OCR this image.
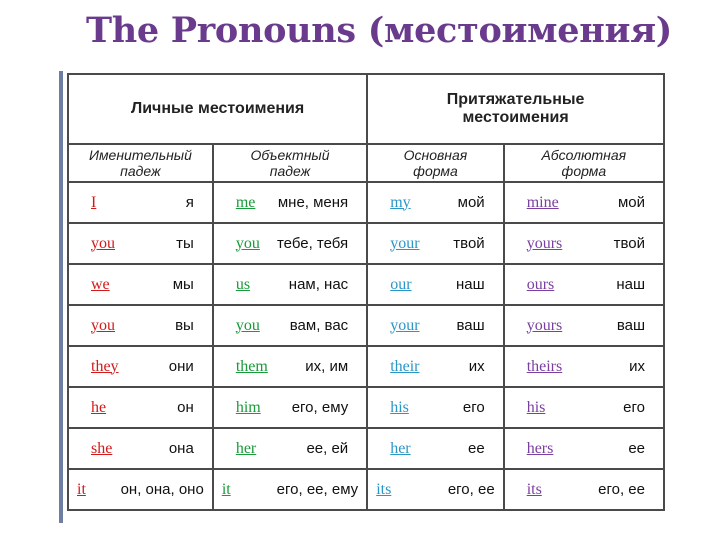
The Pronouns (местоимения)
Личные местоимения		Притяжательные местоимения	

Именительный падеж	Объектный падеж	Основная форма	Абсолютная форма

I я	me мне, меня	my мой	mine мой

you ты	you тебе, тебя	your твой	yours твой

we мы	us нам, нас	our наш	ours наш

you вы	you вам, вас	your ваш	yours ваш

they они	them их, им	their их	theirs их

he он	him его, ему	his его	his его

she она	her ее, ей	her ее	hers ее

it он, она, оно	it его, ее, ему	its его, ее	its его, ее
